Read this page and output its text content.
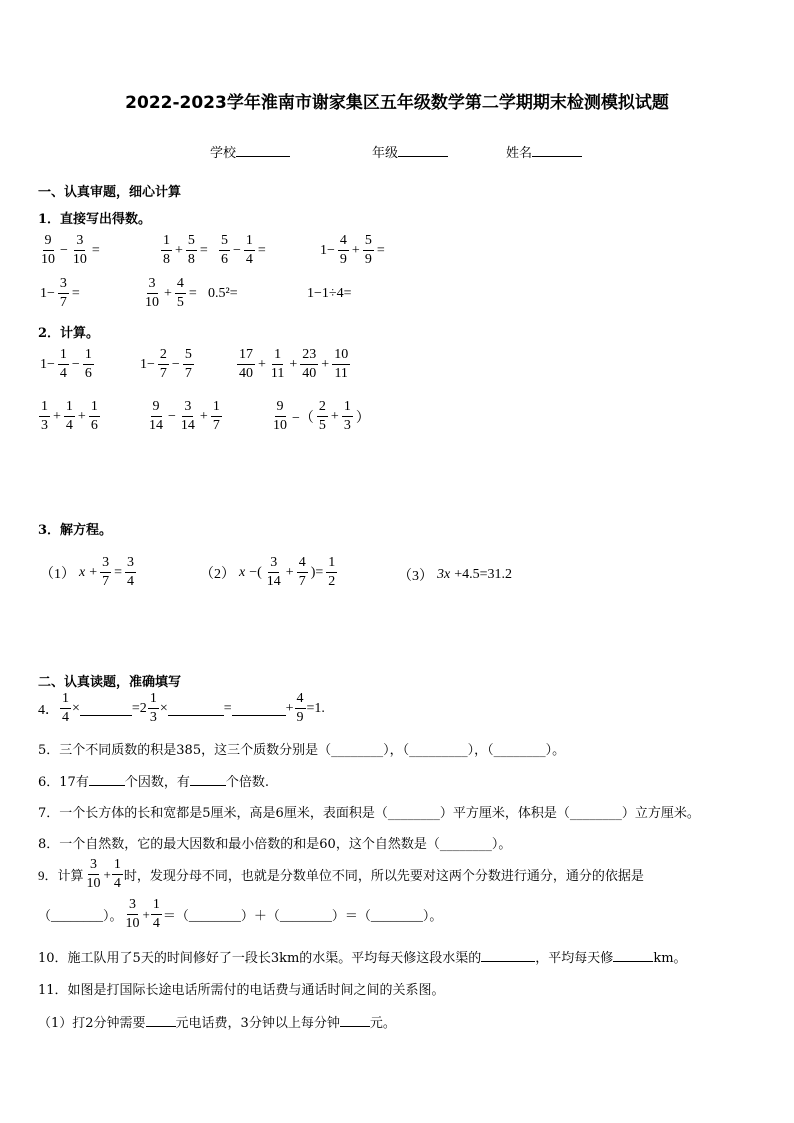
2022-2023学年淮南市谢家集区五年级数学第二学期期末检测模拟试题
学校	年级	姓名
一、认真审题，细心计算
1．直接写出得数。
$\frac{9}{10} - \frac{3}{10}$ =	$\frac{1}{8} + \frac{5}{8} = \frac{5}{6} - \frac{1}{4}$ =	$1- \frac{4}{9} + \frac{5}{9}$ =
$1- \frac{3}{7}$ =	$\frac{3}{10} + \frac{4}{5} = 0.5^2=$	1−1÷4=
2．计算。
$1- \frac{1}{4} - \frac{1}{6}$	$1- \frac{2}{7} - \frac{5}{7}$	$\frac{17}{40} + \frac{1}{11} + \frac{23}{40} + \frac{10}{11}$
$\frac{1}{3} + \frac{1}{4} + \frac{1}{6}$	$\frac{9}{14} - \frac{3}{14} + \frac{1}{7}$	$\frac{9}{10}$ −（ $\frac{2}{5} + \frac{1}{3}$ ）
3．解方程。
（1） $x + \frac{3}{7} = \frac{3}{4}$	（2） x −( $\frac{3}{14} + \frac{4}{7}$ )= $\frac{1}{2}$	（3） 3x +4.5=31.2
二、认真读题，准确填写
4． $\frac{1}{4}$ ×	$=2 \frac{1}{3}$ ×	=	+ $\frac{4}{9} =1$.
5．三个不同质数的积是385，这三个质数分别是（________），（_________），（________）。
6．17有	个因数，有	个倍数.
7．一个长方体的长和宽都是5厘米，高是6厘米，表面积是（________）平方厘米，体积是（________）立方厘米。
8．一个自然数，它的最大因数和最小倍数的和是60，这个自然数是（________）。
9．计算 $\frac{3}{10} + \frac{1}{4}$ 时，发现分母不同，也就是分数单位不同，所以先要对这两个分数进行通分，通分的依据是
（________）。 $\frac{3}{10} + \frac{1}{4}$ ＝（________）＋（________）＝（________）。
10．施工队用了5天的时间修好了一段长3km的水渠。平均每天修这段水渠的	，平均每天修	km。
11．如图是打国际长途电话所需付的电话费与通话时间之间的关系图。
（1）打2分钟需要 元电话费，3分钟以上每分钟 元。
